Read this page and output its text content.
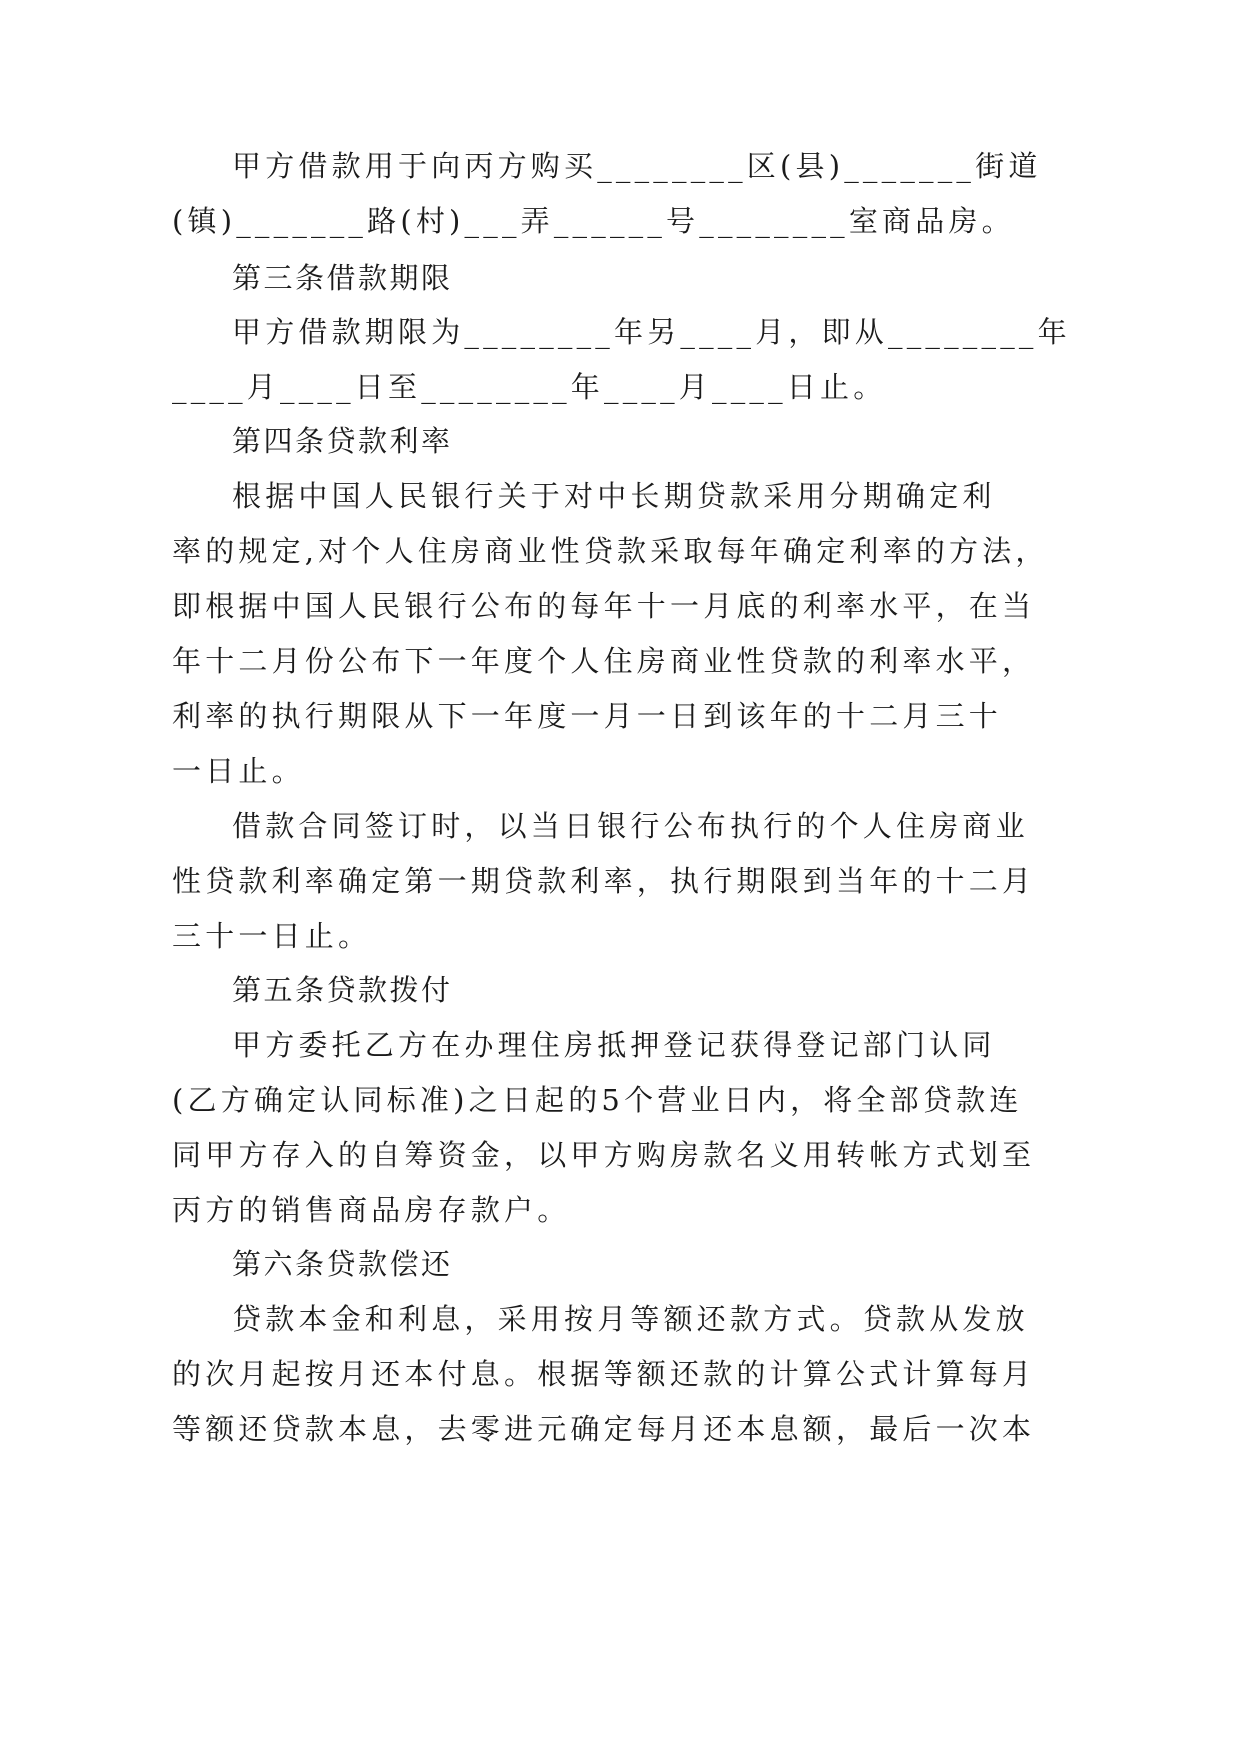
甲方借款用于向丙方购买________区(县)_______街道
(镇)_______路(村)___弄______号________室商品房。
第三条借款期限
甲方借款期限为________年另____月，即从________年
____月____日至________年____月____日止。
第四条贷款利率
根据中国人民银行关于对中长期贷款采用分期确定利
率的规定,对个人住房商业性贷款采取每年确定利率的方法，
即根据中国人民银行公布的每年十一月底的利率水平，在当
年十二月份公布下一年度个人住房商业性贷款的利率水平，
利率的执行期限从下一年度一月一日到该年的十二月三十
一日止。
借款合同签订时，以当日银行公布执行的个人住房商业
性贷款利率确定第一期贷款利率，执行期限到当年的十二月
三十一日止。
第五条贷款拨付
甲方委托乙方在办理住房抵押登记获得登记部门认同
(乙方确定认同标准)之日起的5个营业日内，将全部贷款连
同甲方存入的自筹资金，以甲方购房款名义用转帐方式划至
丙方的销售商品房存款户。
第六条贷款偿还
贷款本金和利息，采用按月等额还款方式。贷款从发放
的次月起按月还本付息。根据等额还款的计算公式计算每月
等额还贷款本息，去零进元确定每月还本息额，最后一次本
